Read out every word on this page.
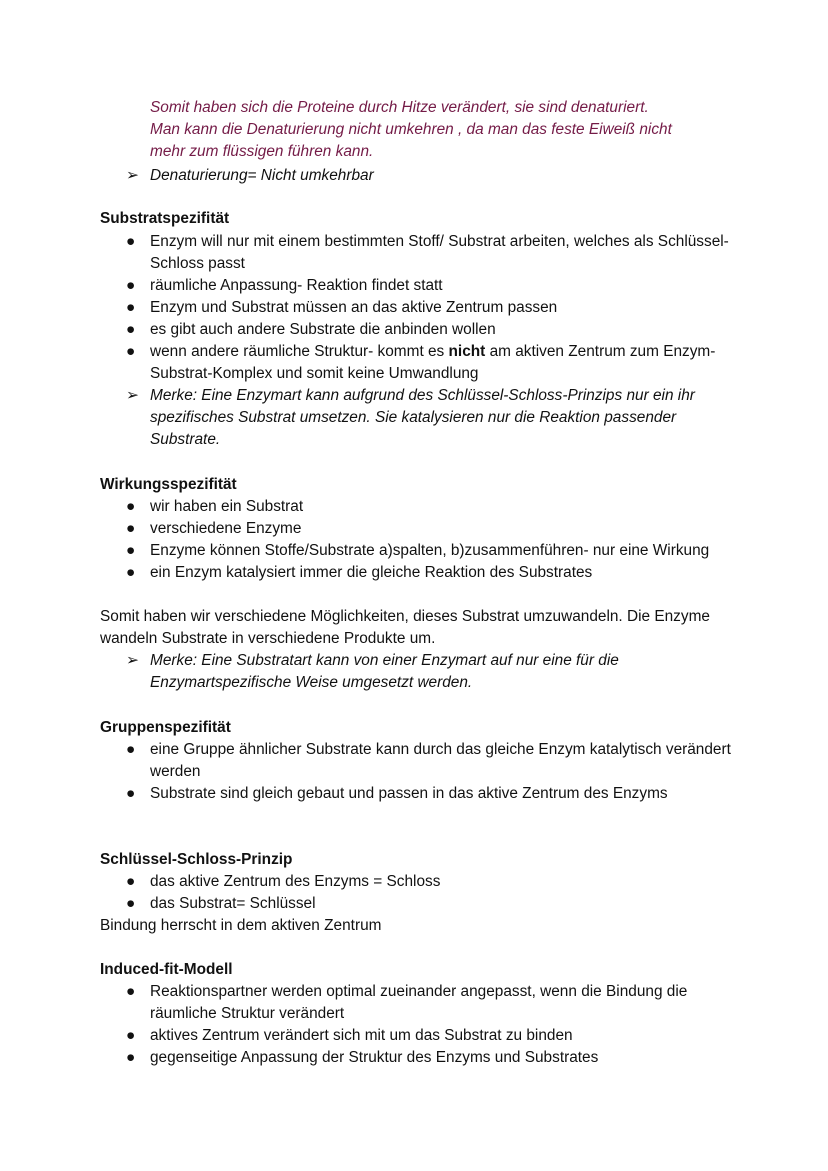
Somit haben sich die Proteine durch Hitze verändert, sie sind denaturiert.
Man kann die Denaturierung nicht umkehren , da man das feste Eiweiß nicht
mehr zum flüssigen führen kann.
➢ Denaturierung= Nicht umkehrbar
Substratspezifität
● Enzym will nur mit einem bestimmten Stoff/ Substrat arbeiten, welches als Schlüssel-Schloss passt
● räumliche Anpassung- Reaktion findet statt
● Enzym und Substrat müssen an das aktive Zentrum passen
● es gibt auch andere Substrate die anbinden wollen
● wenn andere räumliche Struktur- kommt es nicht am aktiven Zentrum zum Enzym-Substrat-Komplex und somit keine Umwandlung
➢ Merke: Eine Enzymart kann aufgrund des Schlüssel-Schloss-Prinzips nur ein ihr spezifisches Substrat umsetzen. Sie katalysieren nur die Reaktion passender Substrate.
Wirkungsspezifität
● wir haben ein Substrat
● verschiedene Enzyme
● Enzyme können Stoffe/Substrate a)spalten, b)zusammenführen- nur eine Wirkung
● ein Enzym katalysiert immer die gleiche Reaktion des Substrates

Somit haben wir verschiedene Möglichkeiten, dieses Substrat umzuwandeln. Die Enzyme wandeln Substrate in verschiedene Produkte um.

➢ Merke: Eine Substratart kann von einer Enzymart auf nur eine für die Enzymartspezifische Weise umgesetzt werden.
Gruppenspezifität
● eine Gruppe ähnlicher Substrate kann durch das gleiche Enzym katalytisch verändert werden
● Substrate sind gleich gebaut und passen in das aktive Zentrum des Enzyms
Schlüssel-Schloss-Prinzip
● das aktive Zentrum des Enzyms = Schloss
● das Substrat= Schlüssel

Bindung herrscht in dem aktiven Zentrum

Induced-fit-Modell
● Reaktionspartner werden optimal zueinander angepasst, wenn die Bindung die räumliche Struktur verändert
● aktives Zentrum verändert sich mit um das Substrat zu binden
● gegenseitige Anpassung der Struktur des Enzyms und Substrates
